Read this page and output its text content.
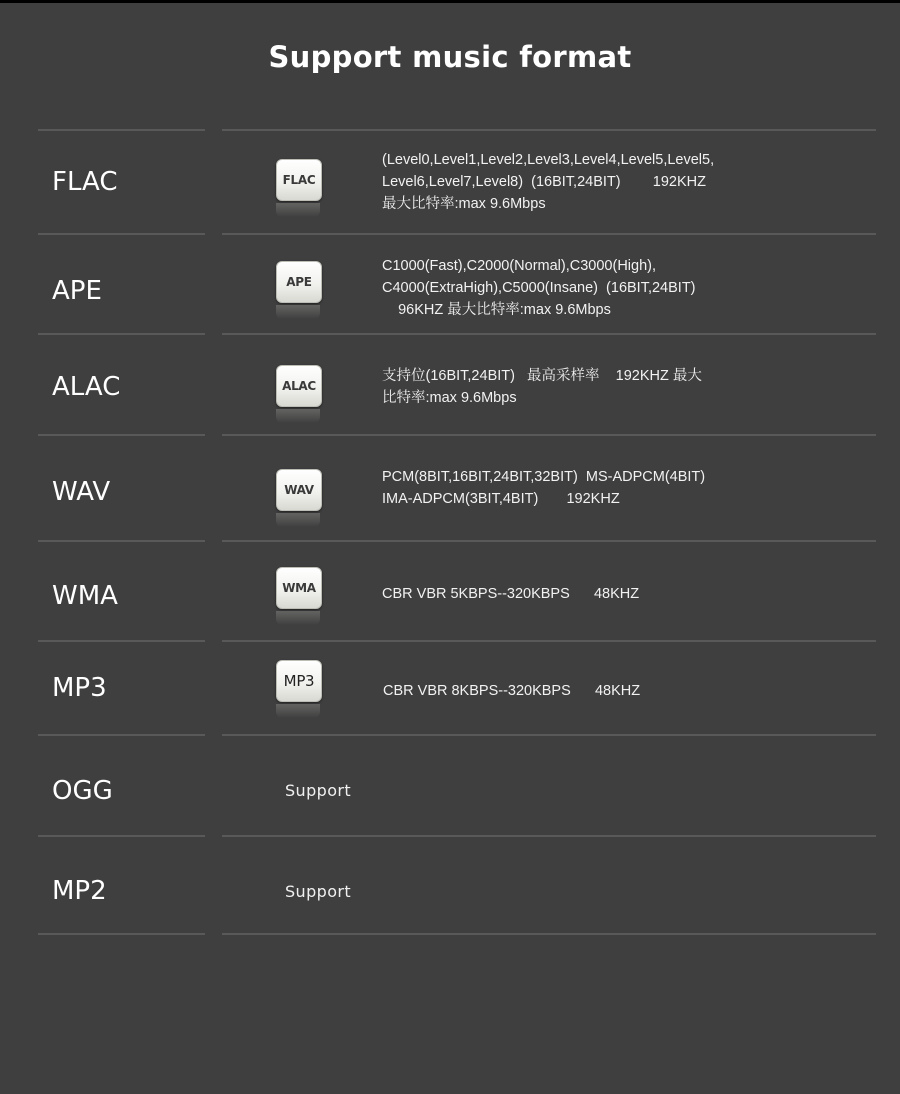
Support music format
FLAC	FLAC
(Level0,Level1,Level2,Level3,Level4,Level5,Level5,
Level6,Level7,Level8)  (16BIT,24BIT)        192KHZ
最大比特率:max 9.6Mbps
APE	APE
C1000(Fast),C2000(Normal),C3000(High),
C4000(ExtraHigh),C5000(Insane)  (16BIT,24BIT)
96KHZ 最大比特率:max 9.6Mbps
ALAC	ALAC
支持位(16BIT,24BIT)   最高采样率    192KHZ 最大
比特率:max 9.6Mbps
WAV	WAV
PCM(8BIT,16BIT,24BIT,32BIT)  MS-ADPCM(4BIT)
IMA-ADPCM(3BIT,4BIT)       192KHZ
WMA	WMA	CBR VBR 5KBPS--320KBPS      48KHZ
MP3	MP3
CBR VBR 8KBPS--320KBPS      48KHZ
OGG	Support
MP2	Support
